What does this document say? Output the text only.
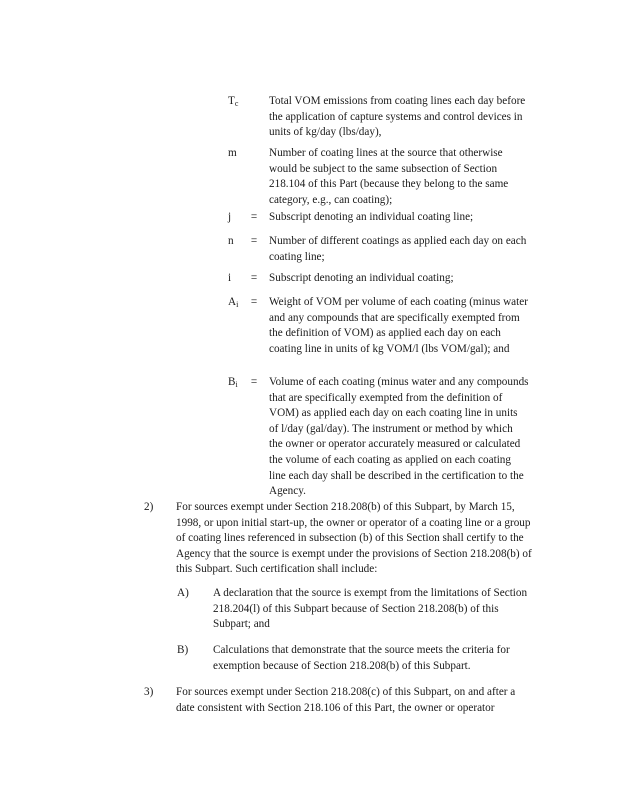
$T_c$	Total VOM emissions from coating lines each day before the application of capture systems and control devices in units of kg/day (lbs/day),
m	Number of coating lines at the source that otherwise would be subject to the same subsection of Section 218.104 of this Part (because they belong to the same category, e.g., can coating);
j	=	Subscript denoting an individual coating line;
n	=	Number of different coatings as applied each day on each coating line;
i	=	Subscript denoting an individual coating;
$A_i$	=	Weight of VOM per volume of each coating (minus water and any compounds that are specifically exempted from the definition of VOM) as applied each day on each coating line in units of kg VOM/l (lbs VOM/gal); and
$B_i$	=	Volume of each coating (minus water and any compounds that are specifically exempted from the definition of VOM) as applied each day on each coating line in units of l/day (gal/day). The instrument or method by which the owner or operator accurately measured or calculated the volume of each coating as applied on each coating line each day shall be described in the certification to the Agency.
2)	For sources exempt under Section 218.208(b) of this Subpart, by March 15, 1998, or upon initial start-up, the owner or operator of a coating line or a group of coating lines referenced in subsection (b) of this Section shall certify to the Agency that the source is exempt under the provisions of Section 218.208(b) of this Subpart. Such certification shall include:
A)	A declaration that the source is exempt from the limitations of Section 218.204(l) of this Subpart because of Section 218.208(b) of this Subpart; and
B)	Calculations that demonstrate that the source meets the criteria for exemption because of Section 218.208(b) of this Subpart.
3)	For sources exempt under Section 218.208(c) of this Subpart, on and after a date consistent with Section 218.106 of this Part, the owner or operator
